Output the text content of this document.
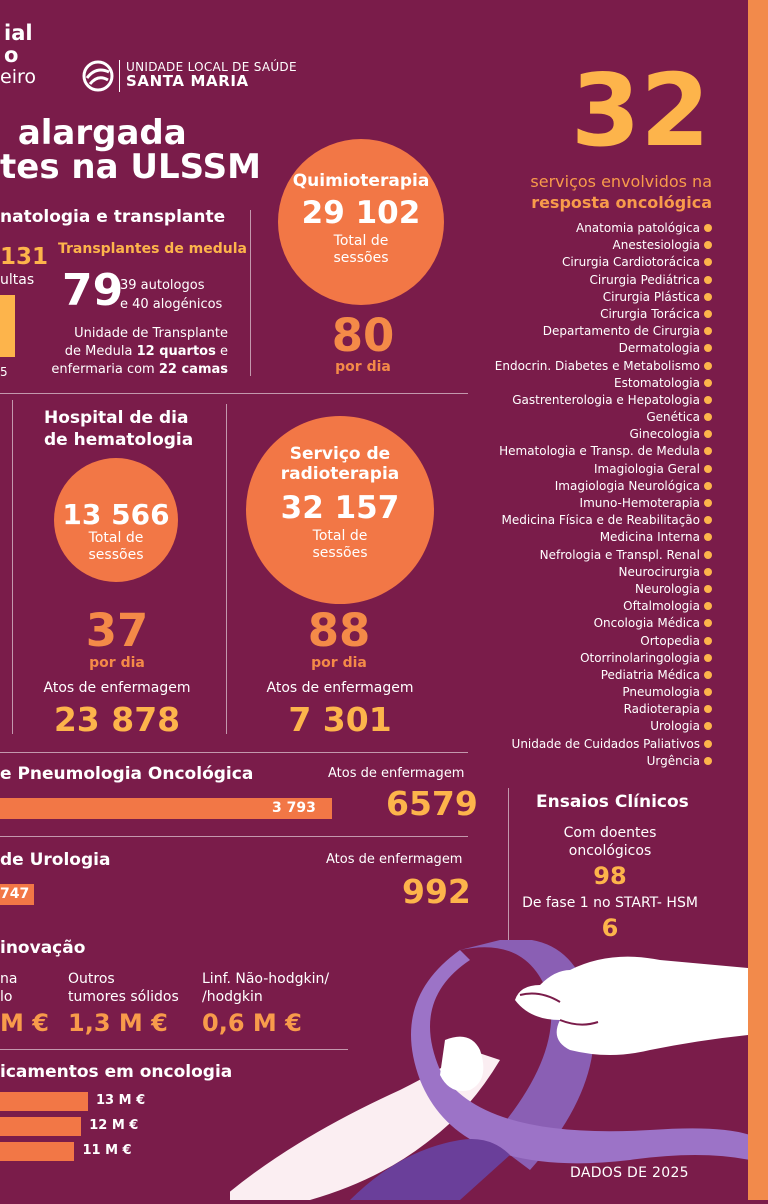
ial
o
eiro	UNIDADE LOCAL DE SAÚDE
SANTA MARIA
alargada
tes na ULSSM
natologia e transplante
131
ultas
5
Transplantes de medula
79
39 autologos
e 40 alogénicos
Unidade de Transplante
de Medula 12 quartos e
enfermaria com 22 camas
Quimioterapia
29 102
Total de
sessões
80
por dia
Hospital de dia
de hematologia
13 566
Total de
sessões
37
por dia
Atos de enfermagem
23 878
Serviço de
radioterapia
32 157
Total de
sessões
88
por dia
Atos de enfermagem
7 301
32
serviços envolvidos na
resposta oncológica
Anatomia patológica
Anestesiologia
Cirurgia Cardiotorácica
Cirurgia Pediátrica
Cirurgia Plástica
Cirurgia Torácica
Departamento de Cirurgia
Dermatologia
Endocrin. Diabetes e Metabolismo
Estomatologia
Gastrenterologia e Hepatologia
Genética
Ginecologia
Hematologia e Transp. de Medula
Imagiologia Geral
Imagiologia Neurológica
Imuno-Hemoterapia
Medicina Física e de Reabilitação
Medicina Interna
Nefrologia e Transpl. Renal
Neurocirurgia
Neurologia
Oftalmologia
Oncologia Médica
Ortopedia
Otorrinolaringologia
Pediatria Médica
Pneumologia
Radioterapia
Urologia
Unidade de Cuidados Paliativos
Urgência
e Pneumologia Oncológica
3 793
Atos de enfermagem
6579
de Urologia
747
Atos de enfermagem
992
Ensaios Clínicos
Com doentes
oncológicos
98
De fase 1 no START- HSM
6
inovação
na
lo
M €
Outros
tumores sólidos
1,3 M €
Linf. Não-hodgkin/
/hodgkin
0,6 M €
icamentos em oncologia
13 M €
12 M €
11 M €
DADOS DE 2025
